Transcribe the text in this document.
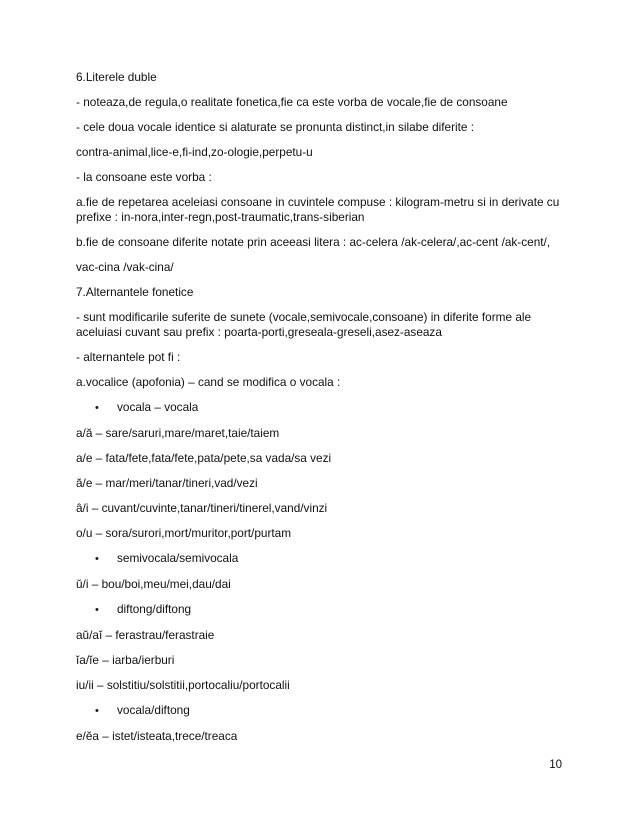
6.Literele duble

- noteaza,de regula,o realitate fonetica,fie ca este vorba de vocale,fie de consoane

- cele doua vocale identice si alaturate se pronunta distinct,in silabe diferite :

contra-animal,lice-e,fi-ind,zo-ologie,perpetu-u

- la consoane este vorba :

a.fie de repetarea aceleiasi consoane in cuvintele compuse : kilogram-metru si in derivate cu prefixe : in-nora,inter-regn,post-traumatic,trans-siberian

b.fie de consoane diferite notate prin aceeasi litera : ac-celera /ak-celera/,ac-cent /ak-cent/,

vac-cina /vak-cina/

7.Alternantele fonetice

- sunt modificarile suferite de sunete (vocale,semivocale,consoane) in diferite forme ale aceluiasi cuvant sau prefix : poarta-porti,greseala-greseli,asez-aseaza

- alternantele pot fi :

a.vocalice (apofonia) – cand se modifica o vocala :

• vocala – vocala

a/ă – sare/saruri,mare/maret,taie/taiem

a/e – fata/fete,fata/fete,pata/pete,sa vada/sa vezi

ă/e – mar/meri/tanar/tineri,vad/vezi

â/i – cuvant/cuvinte,tanar/tineri/tinerel,vand/vinzi

o/u – sora/surori,mort/muritor,port/purtam

• semivocala/semivocala

ŭ/i – bou/boi,meu/mei,dau/dai

• diftong/diftong

aŭ/aĭ – ferastrau/ferastraie

ĭa/ĭe – iarba/ierburi

iu/ii – solstitiu/solstitii,portocaliu/portocalii

• vocala/diftong

e/ĕa – istet/isteata,trece/treaca

10
